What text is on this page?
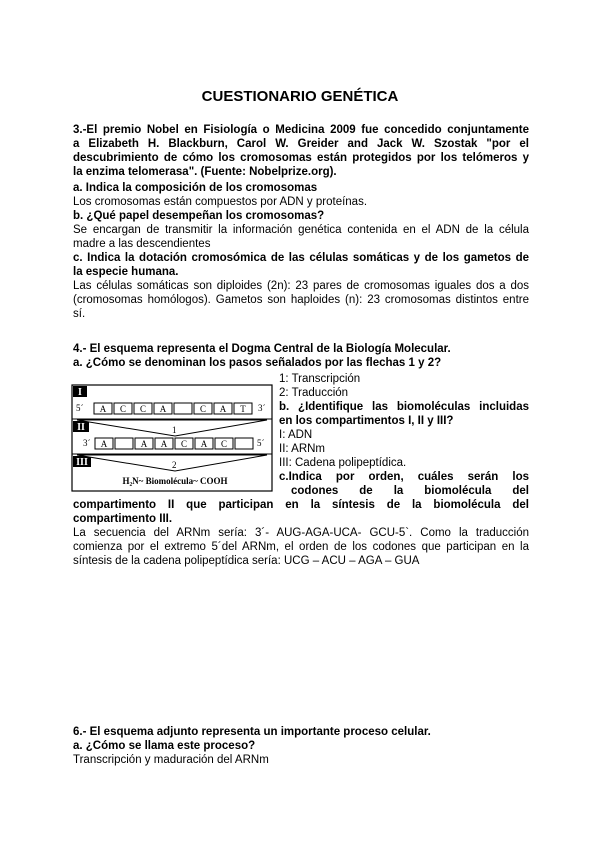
CUESTIONARIO GENÉTICA
3.-El premio Nobel en Fisiología o Medicina 2009 fue concedido conjuntamente
a Elizabeth H. Blackburn, Carol W. Greider and Jack W. Szostak "por el
descubrimiento de cómo los cromosomas están protegidos por los telómeros y
la enzima telomerasa". (Fuente: Nobelprize.org).
a. Indica la composición de los cromosomas
Los cromosomas están compuestos por ADN y proteínas.
b. ¿Qué papel desempeñan los cromosomas?
Se encargan de transmitir la información genética contenida en el ADN de la célula
madre a las descendientes
c. Indica la dotación cromosómica de las células somáticas y de los gametos de
la especie humana.
Las células somáticas son diploides (2n): 23 pares de cromosomas iguales dos a dos
(cromosomas homólogos). Gametos son haploides (n): 23 cromosomas distintos entre
sí.
4.- El esquema representa el Dogma Central de la Biología Molecular.
a. ¿Cómo se denominan los pasos señalados por las flechas 1 y 2?
I
II
III
5´	3´
A C C A	C A T
1
3´	5´
A	A A C A C
2
H₂N~ Biomolécula~ COOH
1: Transcripción
2: Traducción
b. ¿Identifique las biomoléculas incluidas
en los compartimentos I, II y III?
I: ADN
II: ARNm
III: Cadena polipeptídica.
c.Indica por orden, cuáles serán los
codones de la biomolécula del
compartimento II que participan en la síntesis de la biomolécula del
compartimento III.
La secuencia del ARNm sería: 3´- AUG-AGA-UCA- GCU-5`. Como la traducción
comienza por el extremo 5´del ARNm, el orden de los codones que participan en la
síntesis de la cadena polipeptídica sería: UCG – ACU – AGA – GUA
6.- El esquema adjunto representa un importante proceso celular.
a. ¿Cómo se llama este proceso?
Transcripción y maduración del ARNm
